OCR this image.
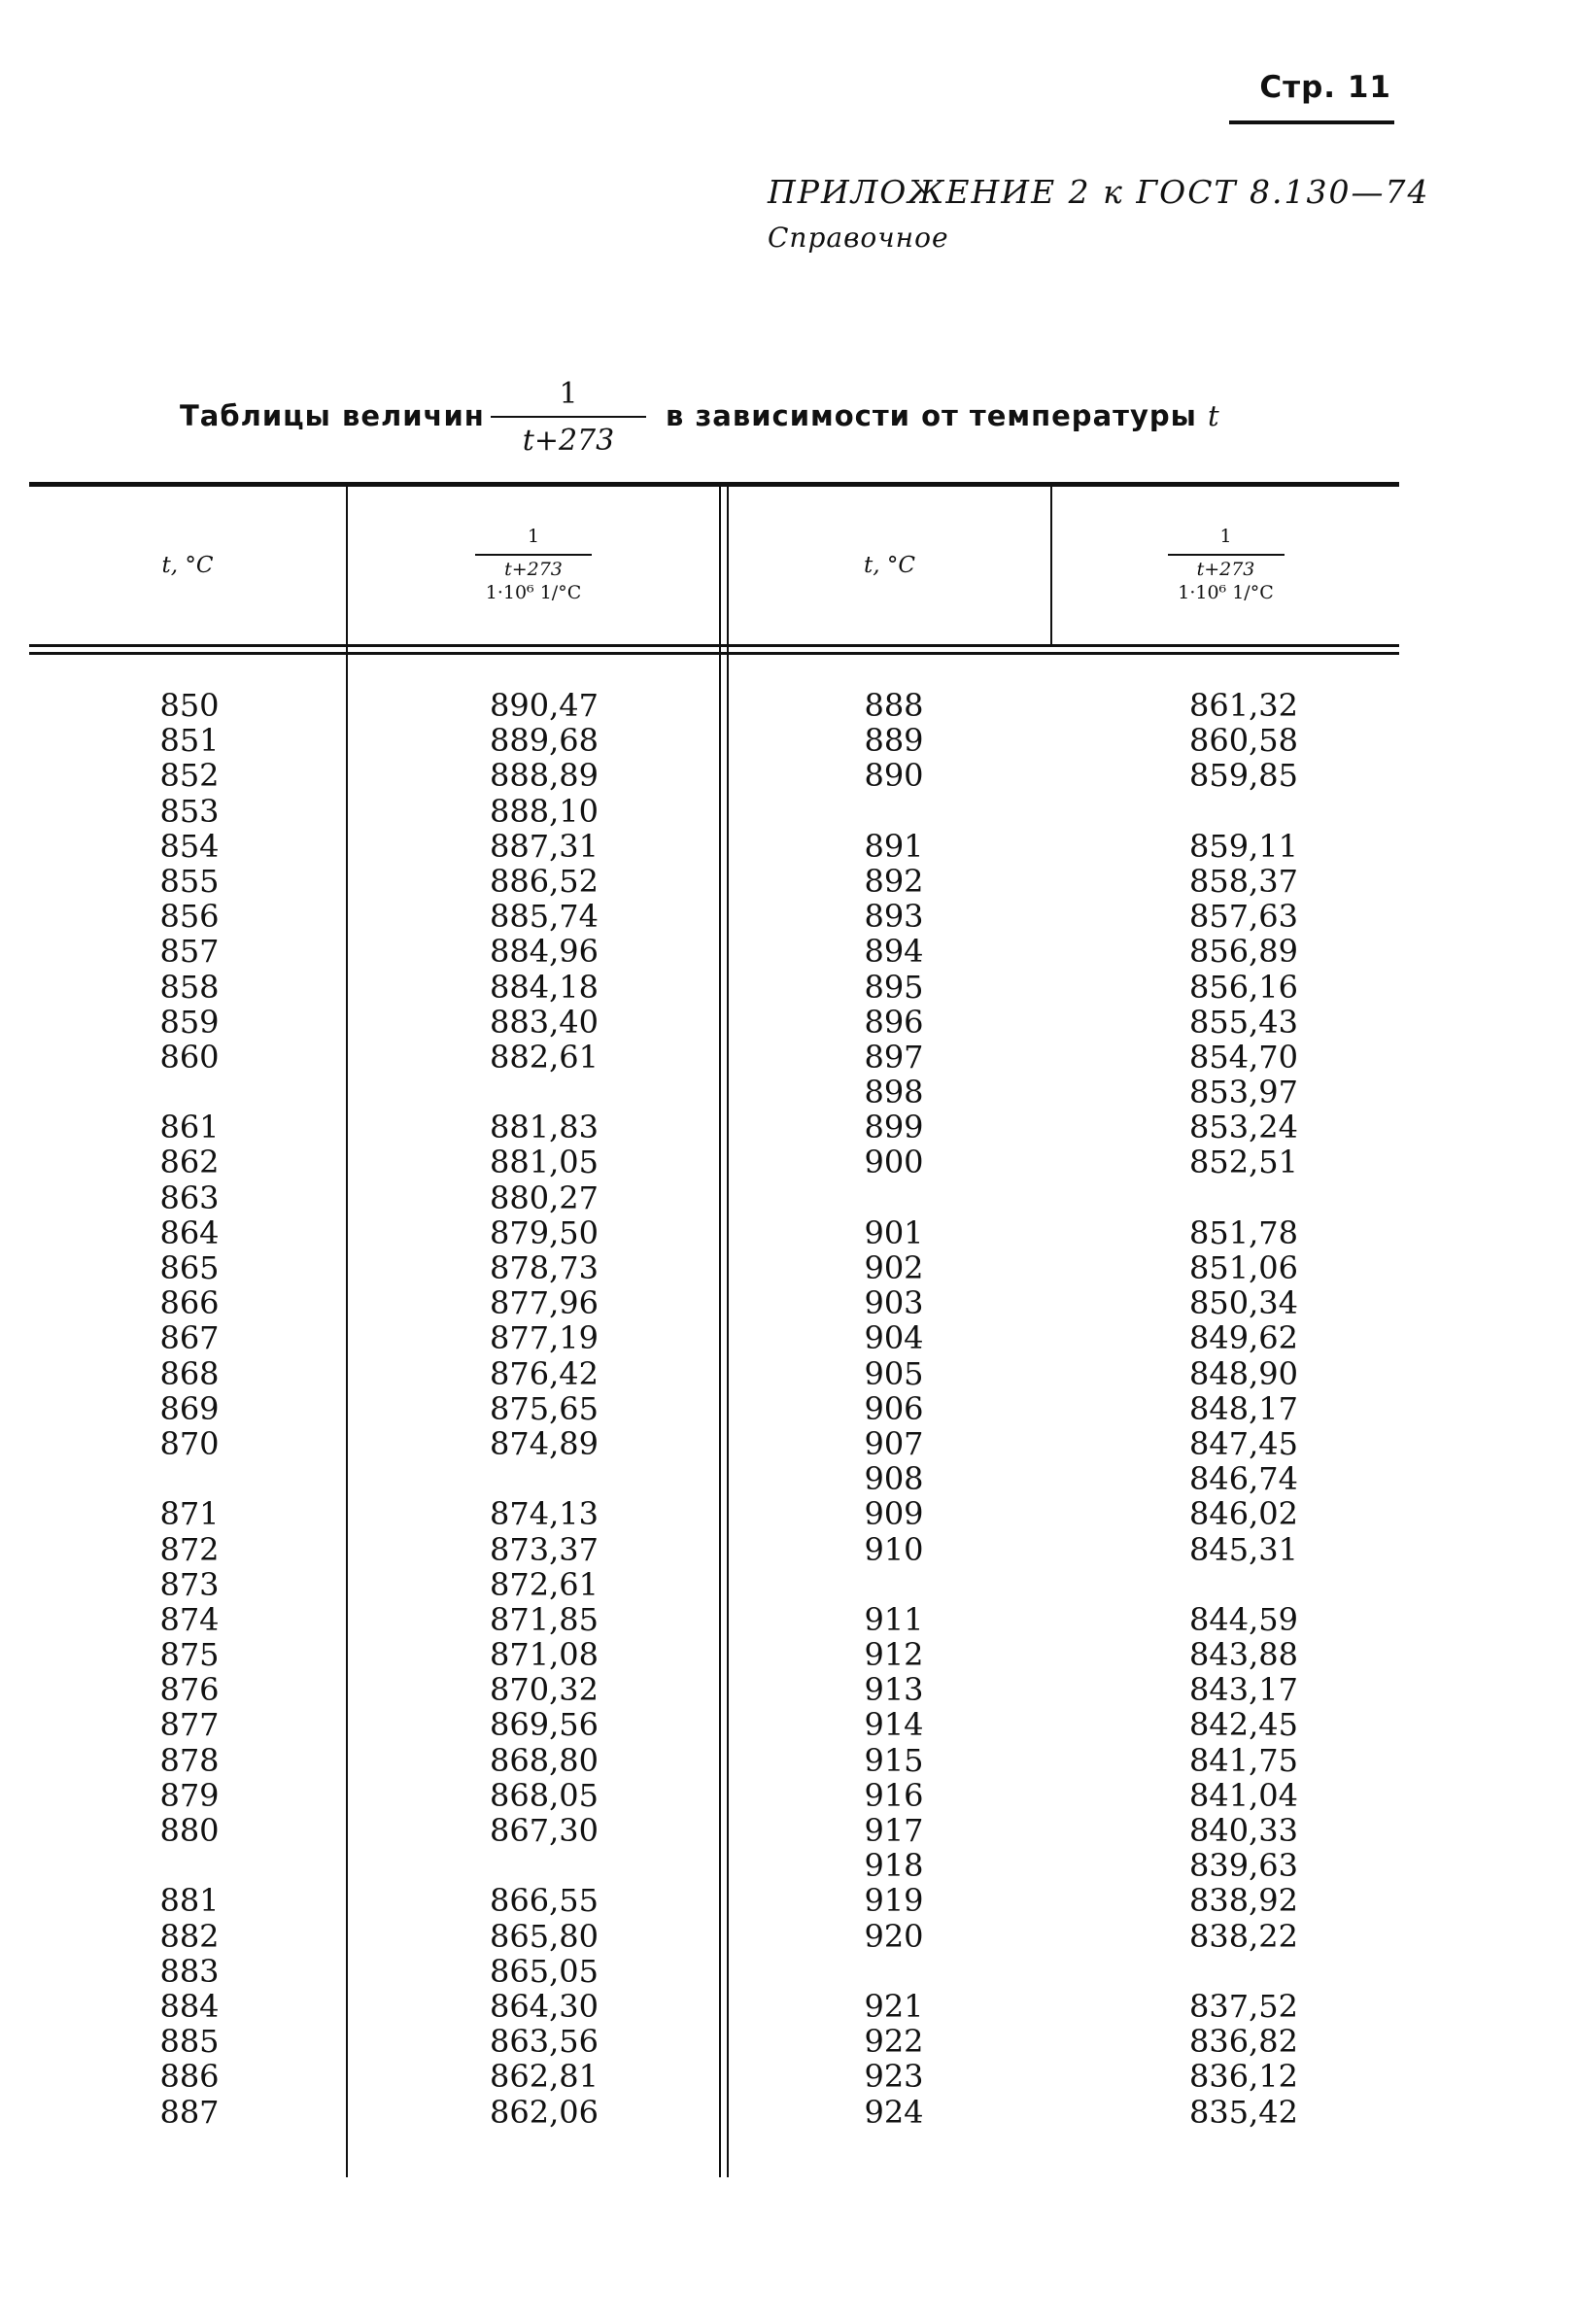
Стр. 11
ПРИЛОЖЕНИЕ 2 к ГОСТ 8.130—74
Справочное
Таблицы величин
1
t+273
в зависимости от температуры t
t, °C
1
t+273
1·10⁶ 1/°C
t, °C
1
t+273
1·10⁶ 1/°C
850
851
852
853
854
855
856
857
858
859
860
861
862
863
864
865
866
867
868
869
870
871
872
873
874
875
876
877
878
879
880
881
882
883
884
885
886
887
890,47
889,68
888,89
888,10
887,31
886,52
885,74
884,96
884,18
883,40
882,61
881,83
881,05
880,27
879,50
878,73
877,96
877,19
876,42
875,65
874,89
874,13
873,37
872,61
871,85
871,08
870,32
869,56
868,80
868,05
867,30
866,55
865,80
865,05
864,30
863,56
862,81
862,06
888
889
890
891
892
893
894
895
896
897
898
899
900
901
902
903
904
905
906
907
908
909
910
911
912
913
914
915
916
917
918
919
920
921
922
923
924
861,32
860,58
859,85
859,11
858,37
857,63
856,89
856,16
855,43
854,70
853,97
853,24
852,51
851,78
851,06
850,34
849,62
848,90
848,17
847,45
846,74
846,02
845,31
844,59
843,88
843,17
842,45
841,75
841,04
840,33
839,63
838,92
838,22
837,52
836,82
836,12
835,42
